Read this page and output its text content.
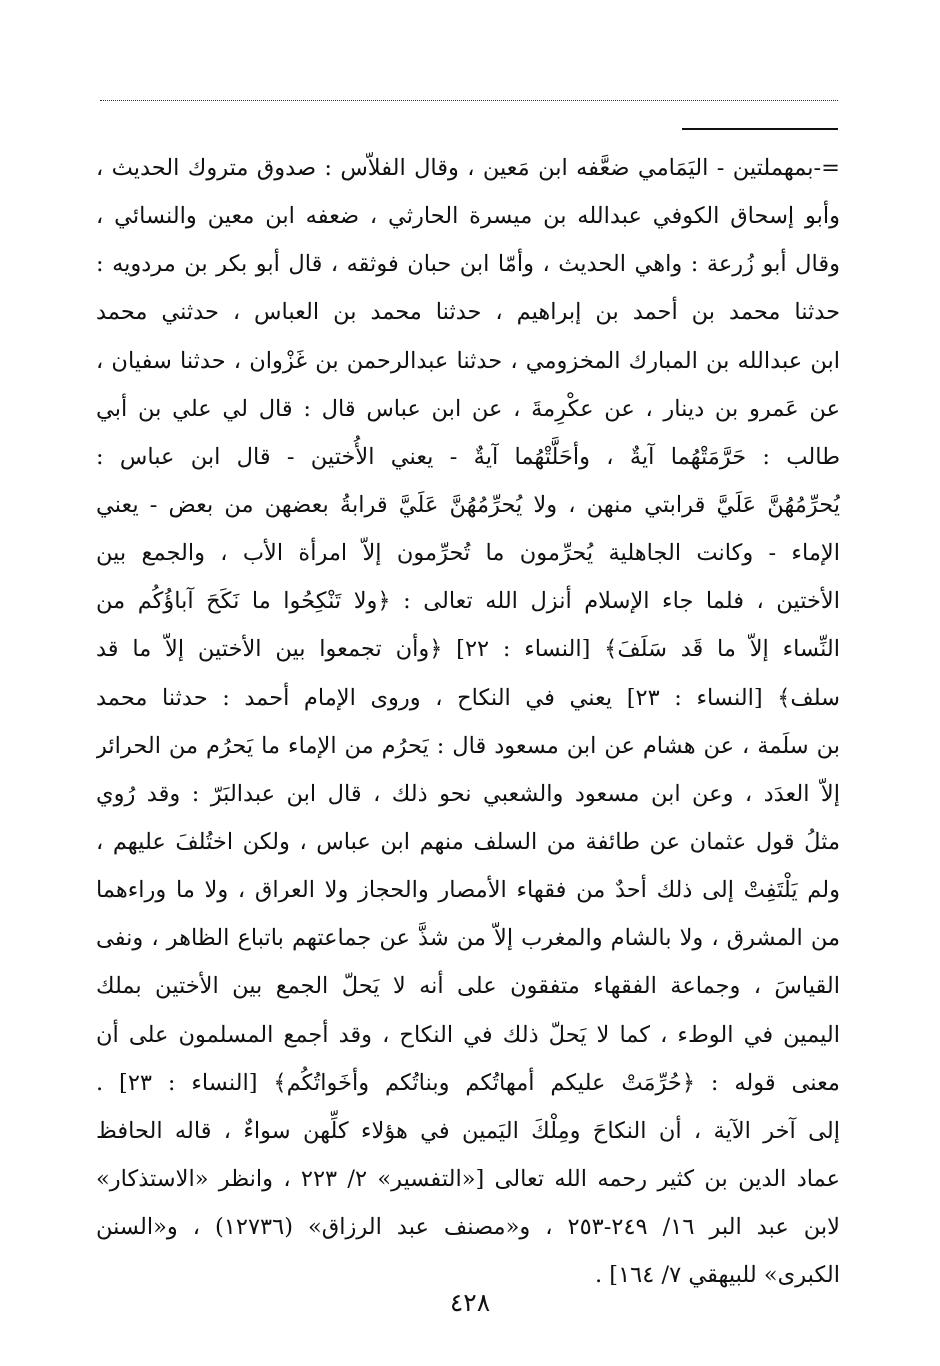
=-بمهملتين - اليَمَامي ضعَّفه ابن مَعين ، وقال الفلاّس : صدوق متروك الحديث ،
وأبو إسحاق الكوفي عبدالله بن ميسرة الحارثي ، ضعفه ابن معين والنسائي ،
وقال أبو زُرعة : واهي الحديث ، وأمّا ابن حبان فوثقه ، قال أبو بكر بن مردويه :
حدثنا محمد بن أحمد بن إبراهيم ، حدثنا محمد بن العباس ، حدثني محمد
ابن عبدالله بن المبارك المخزومي ، حدثنا عبدالرحمن بن غَزْوان ، حدثنا سفيان ،
عن عَمرو بن دينار ، عن عكْرِمةَ ، عن ابن عباس قال : قال لي علي بن أبي
طالب : حَرَّمَتْهُما آيةٌ ، وأحَلَّتْهُما آيةٌ - يعني الأُختين - قال ابن عباس :
يُحرِّمُهُنَّ عَلَيَّ قرابتي منهن ، ولا يُحرِّمُهُنَّ عَلَيَّ قرابةُ بعضهن من بعض - يعني
الإماء - وكانت الجاهلية يُحرِّمون ما تُحرِّمون إلاّ امرأة الأب ، والجمع بين
الأختين ، فلما جاء الإسلام أنزل الله تعالى : ﴿ولا تَنْكِحُوا ما نَكَحَ آباؤُكُم من
النِّساء إلاّ ما قَد سَلَفَ﴾ [النساء : ٢٢] ﴿وأن تجمعوا بين الأختين إلاّ ما قد
سلف﴾ [النساء : ٢٣] يعني في النكاح ، وروى الإمام أحمد : حدثنا محمد
بن سلَمة ، عن هشام عن ابن مسعود قال : يَحرُم من الإماء ما يَحرُم من الحرائر
إلاّ العدَد ، وعن ابن مسعود والشعبي نحو ذلك ، قال ابن عبدالبَرّ : وقد رُوي
مثلُ قول عثمان عن طائفة من السلف منهم ابن عباس ، ولكن اختُلفَ عليهم ،
ولم يَلْتَفِتْ إلى ذلك أحدٌ من فقهاء الأمصار والحجاز ولا العراق ، ولا ما وراءهما
من المشرق ، ولا بالشام والمغرب إلاّ من شذَّ عن جماعتهم باتباع الظاهر ، ونفى
القياسَ ، وجماعة الفقهاء متفقون على أنه لا يَحلّ الجمع بين الأختين بملك
اليمين في الوطء ، كما لا يَحلّ ذلك في النكاح ، وقد أجمع المسلمون على أن
معنى قوله : ﴿حُرِّمَتْ عليكم أمهاتُكم وبناتُكم وأخَواتُكُم﴾ [النساء : ٢٣] .
إلى آخر الآية ، أن النكاحَ ومِلْكَ اليَمين في هؤلاء كلِّهن سواءٌ ، قاله الحافظ
عماد الدين بن كثير رحمه الله تعالى [«التفسير» ٢/ ٢٢٣ ، وانظر «الاستذكار»
لابن عبد البر ١٦/ ٢٤٩-٢٥٣ ، و«مصنف عبد الرزاق» (١٢٧٣٦) ، و«السنن
الكبرى» للبيهقي ٧/ ١٦٤] .
٤٢٨
